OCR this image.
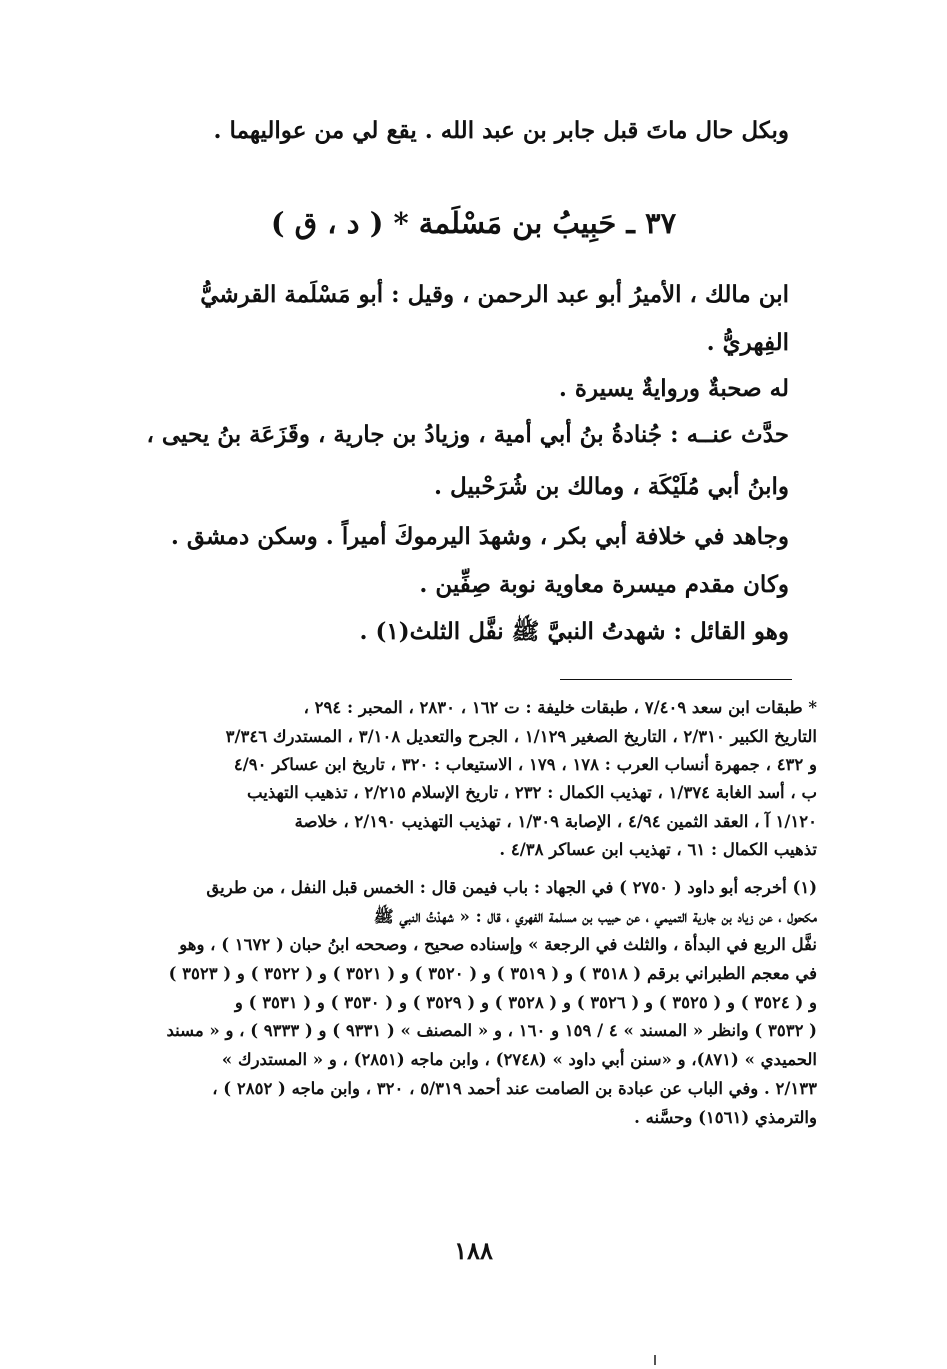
وبكل حال ماتَ قبل جابر بن عبد الله . يقع لي من عواليهما .
٣٧ ـ حَبِيبُ بن مَسْلَمة * ( د ، ق )
ابن مالك ، الأميرُ أبو عبد الرحمن ، وقيل : أبو مَسْلَمة القرشيُّ
الفِهريُّ .
له صحبةٌ وروايةٌ يسيرة .
حدَّث عنــه : جُنادةُ بنُ أبي أمية ، وزيادُ بن جارية ، وقَزَعَة بنُ يحيى ،
وابنُ أبي مُلَيْكَة ، ومالك بن شُرَحْبيل .
وجاهد في خلافة أبي بكر ، وشهدَ اليرموكَ أميراً . وسكن دمشق .
وكان مقدم ميسرة معاوية نوبة صِفِّين .
وهو القائل : شهدتُ النبيَّ ﷺ نفَّل الثلث(١) .
* طبقات ابن سعد ٧/٤٠٩ ، طبقات خليفة : ت ١٦٢ ، ٢٨٣٠ ، المحبر : ٢٩٤ ،
التاريخ الكبير ٢/٣١٠ ، التاريخ الصغير ١/١٢٩ ، الجرح والتعديل ٣/١٠٨ ، المستدرك ٣/٣٤٦
و ٤٣٢ ، جمهرة أنساب العرب : ١٧٨ ، ١٧٩ ، الاستيعاب : ٣٢٠ ، تاريخ ابن عساكر ٤/٩٠
ب ، أسد الغابة ١/٣٧٤ ، تهذيب الكمال : ٢٣٢ ، تاريخ الإسلام ٢/٢١٥ ، تذهيب التهذيب
١/١٢٠ آ ، العقد الثمين ٤/٩٤ ، الإصابة ١/٣٠٩ ، تهذيب التهذيب ٢/١٩٠ ، خلاصة
تذهيب الكمال : ٦١ ، تهذيب ابن عساكر ٤/٣٨ .
(١) أخرجه أبو داود ( ٢٧٥٠ ) في الجهاد : باب فيمن قال : الخمس قبل النفل ، من طريق
مكحول ، عن زياد بن جارية التميمي ، عن حبيب بن مسلمة الفهري ، قال : « شهدْتُ النبي ﷺ
نفَّل الربع في البدأة ، والثلث في الرجعة » وإسناده صحيح ، وصححه ابنُ حبان ( ١٦٧٢ ) ، وهو
في معجم الطبراني برقم ( ٣٥١٨ ) و ( ٣٥١٩ ) و ( ٣٥٢٠ ) و ( ٣٥٢١ ) و ( ٣٥٢٢ ) و ( ٣٥٢٣ )
و ( ٣٥٢٤ ) و ( ٣٥٢٥ ) و ( ٣٥٢٦ ) و ( ٣٥٢٨ ) و ( ٣٥٢٩ ) و ( ٣٥٣٠ ) و ( ٣٥٣١ ) و
( ٣٥٣٢ ) وانظر « المسند » ٤ / ١٥٩ و ١٦٠ ، و « المصنف » ( ٩٣٣١ ) و ( ٩٣٣٣ ) ، و « مسند
الحميدي » (٨٧١)، و «سنن أبي داود » (٢٧٤٨) ، وابن ماجه (٢٨٥١) ، و « المستدرك »
٢/١٣٣ . وفي الباب عن عبادة بن الصامت عند أحمد ٥/٣١٩ ، ٣٢٠ ، وابن ماجه ( ٢٨٥٢ ) ،
والترمذي (١٥٦١) وحسَّنه .
١٨٨
